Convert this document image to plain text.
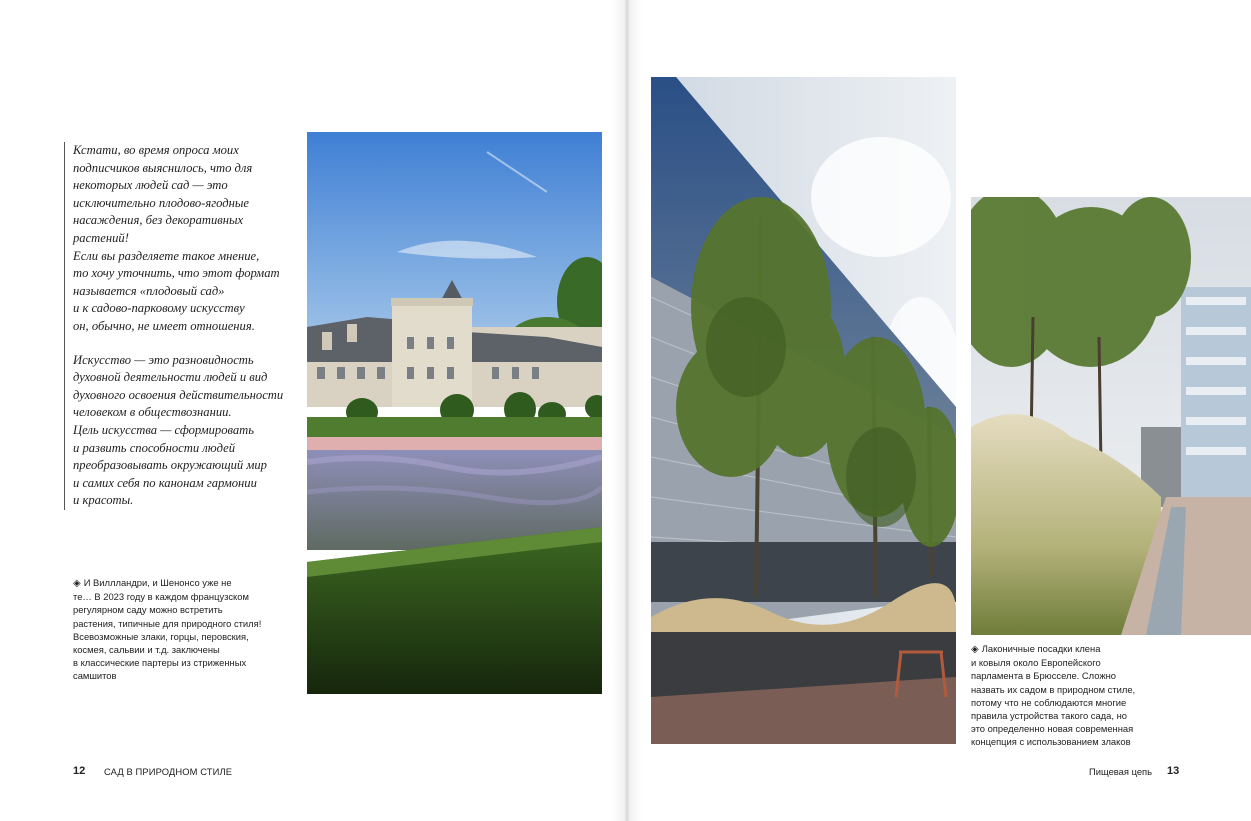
Кстати, во время опроса моих
подписчиков выяснилось, что для
некоторых людей сад — это
исключительно плодово-ягодные
насаждения, без декоративных
растений!
Если вы разделяете такое мнение,
то хочу уточнить, что этот формат
называется «плодовый сад»
и к садово-парковому искусству
он, обычно, не имеет отношения.

Искусство — это разновидность
духовной деятельности людей и вид
духовного освоения действительности
человеком в обществознании.
Цель искусства — сформировать
и развить способности людей
преобразовывать окружающий мир
и самих себя по канонам гармонии
и красоты.

◈ И Виллландри, и Шенонсо уже не
те… В 2023 году в каждом французском
регулярном саду можно встретить
растения, типичные для природного стиля!
Всевозможные злаки, горцы, перовския,
космея, сальвии и т.д. заключены
в классические партеры из стриженных
самшитов
◈ Лаконичные посадки клена
и ковыля около Европейского
парламента в Брюсселе. Сложно
назвать их садом в природном стиле,
потому что не соблюдаются многие
правила устройства такого сада, но
это определенно новая современная
концепция с использованием злаков
12 САД В ПРИРОДНОМ СТИЛЕ	Пищевая цепь 13
